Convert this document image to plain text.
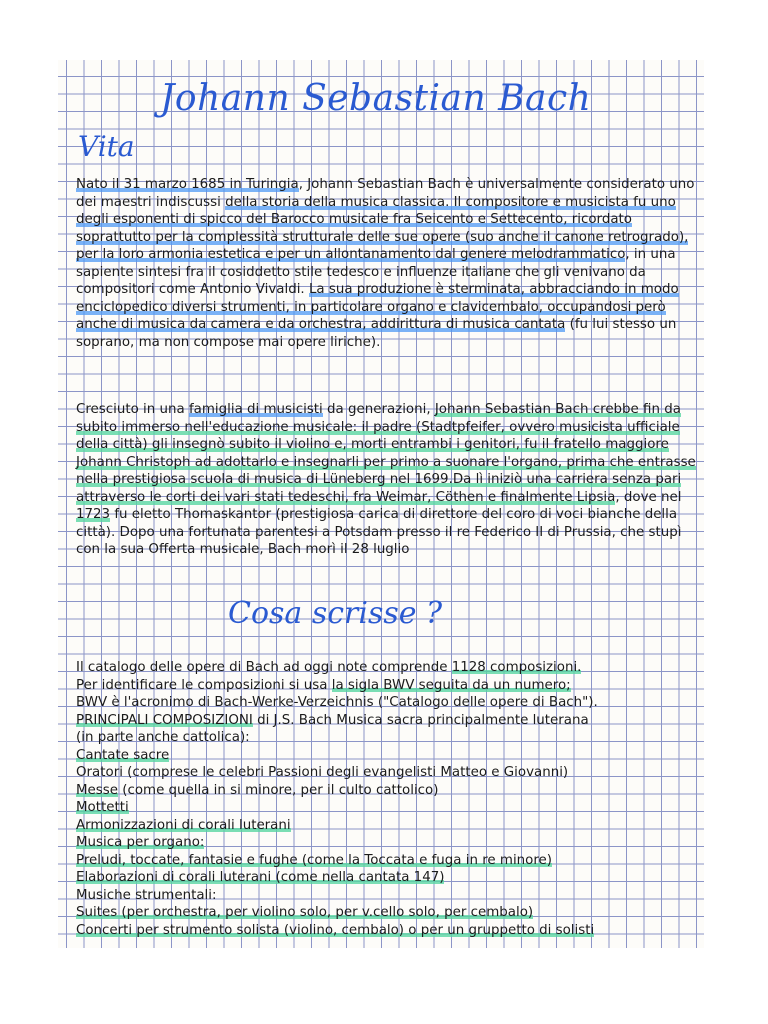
Johann Sebastian Bach
Vita
Nato il 31 marzo 1685 in Turingia, Johann Sebastian Bach è universalmente considerato uno dei maestri indiscussi della storia della musica classica. Il compositore e musicista fu uno degli esponenti di spicco del Barocco musicale fra Seicento e Settecento, ricordato soprattutto per la complessità strutturale delle sue opere (suo anche il canone retrogrado), per la loro armonia estetica e per un allontanamento dal genere melodrammatico, in una sapiente sintesi fra il cosiddetto stile tedesco e influenze italiane che gli venivano da compositori come Antonio Vivaldi. La sua produzione è sterminata, abbracciando in modo enciclopedico diversi strumenti, in particolare organo e clavicembalo, occupandosi però anche di musica da camera e da orchestra, addirittura di musica cantata (fu lui stesso un soprano, ma non compose mai opere liriche).
Cresciuto in una famiglia di musicisti da generazioni, Johann Sebastian Bach crebbe fin da subito immerso nell'educazione musicale: il padre (Stadtpfeifer, ovvero musicista ufficiale della città) gli insegnò subito il violino e, morti entrambi i genitori, fu il fratello maggiore Johann Christoph ad adottarlo e insegnarli per primo a suonare l'organo, prima che entrasse nella prestigiosa scuola di musica di Lüneberg nel 1699.Da lì iniziò una carriera senza pari attraverso le corti dei vari stati tedeschi, fra Weimar, Cöthen e finalmente Lipsia, dove nel 1723 fu eletto Thomaskantor (prestigiosa carica di direttore del coro di voci bianche della città). Dopo una fortunata parentesi a Potsdam presso il re Federico II di Prussia, che stupì con la sua Offerta musicale, Bach morì il 28 luglio
Cosa scrisse ?
Il catalogo delle opere di Bach ad oggi note comprende 1128 composizioni.
Per identificare le composizioni si usa la sigla BWV seguita da un numero;
BWV è l'acronimo di Bach-Werke-Verzeichnis ("Catalogo delle opere di Bach").
PRINCIPALI COMPOSIZIONI di J.S. Bach Musica sacra principalmente luterana
(in parte anche cattolica):
Cantate sacre
Oratori (comprese le celebri Passioni degli evangelisti Matteo e Giovanni)
Messe (come quella in si minore, per il culto cattolico)
Mottetti
Armonizzazioni di corali luterani
Musica per organo:
Preludi, toccate, fantasie e fughe (come la Toccata e fuga in re minore)
Elaborazioni di corali luterani (come nella cantata 147)
Musiche strumentali:
Suites (per orchestra, per violino solo, per v.cello solo, per cembalo)
Concerti per strumento solista (violino, cembalo) o per un gruppetto di solisti
